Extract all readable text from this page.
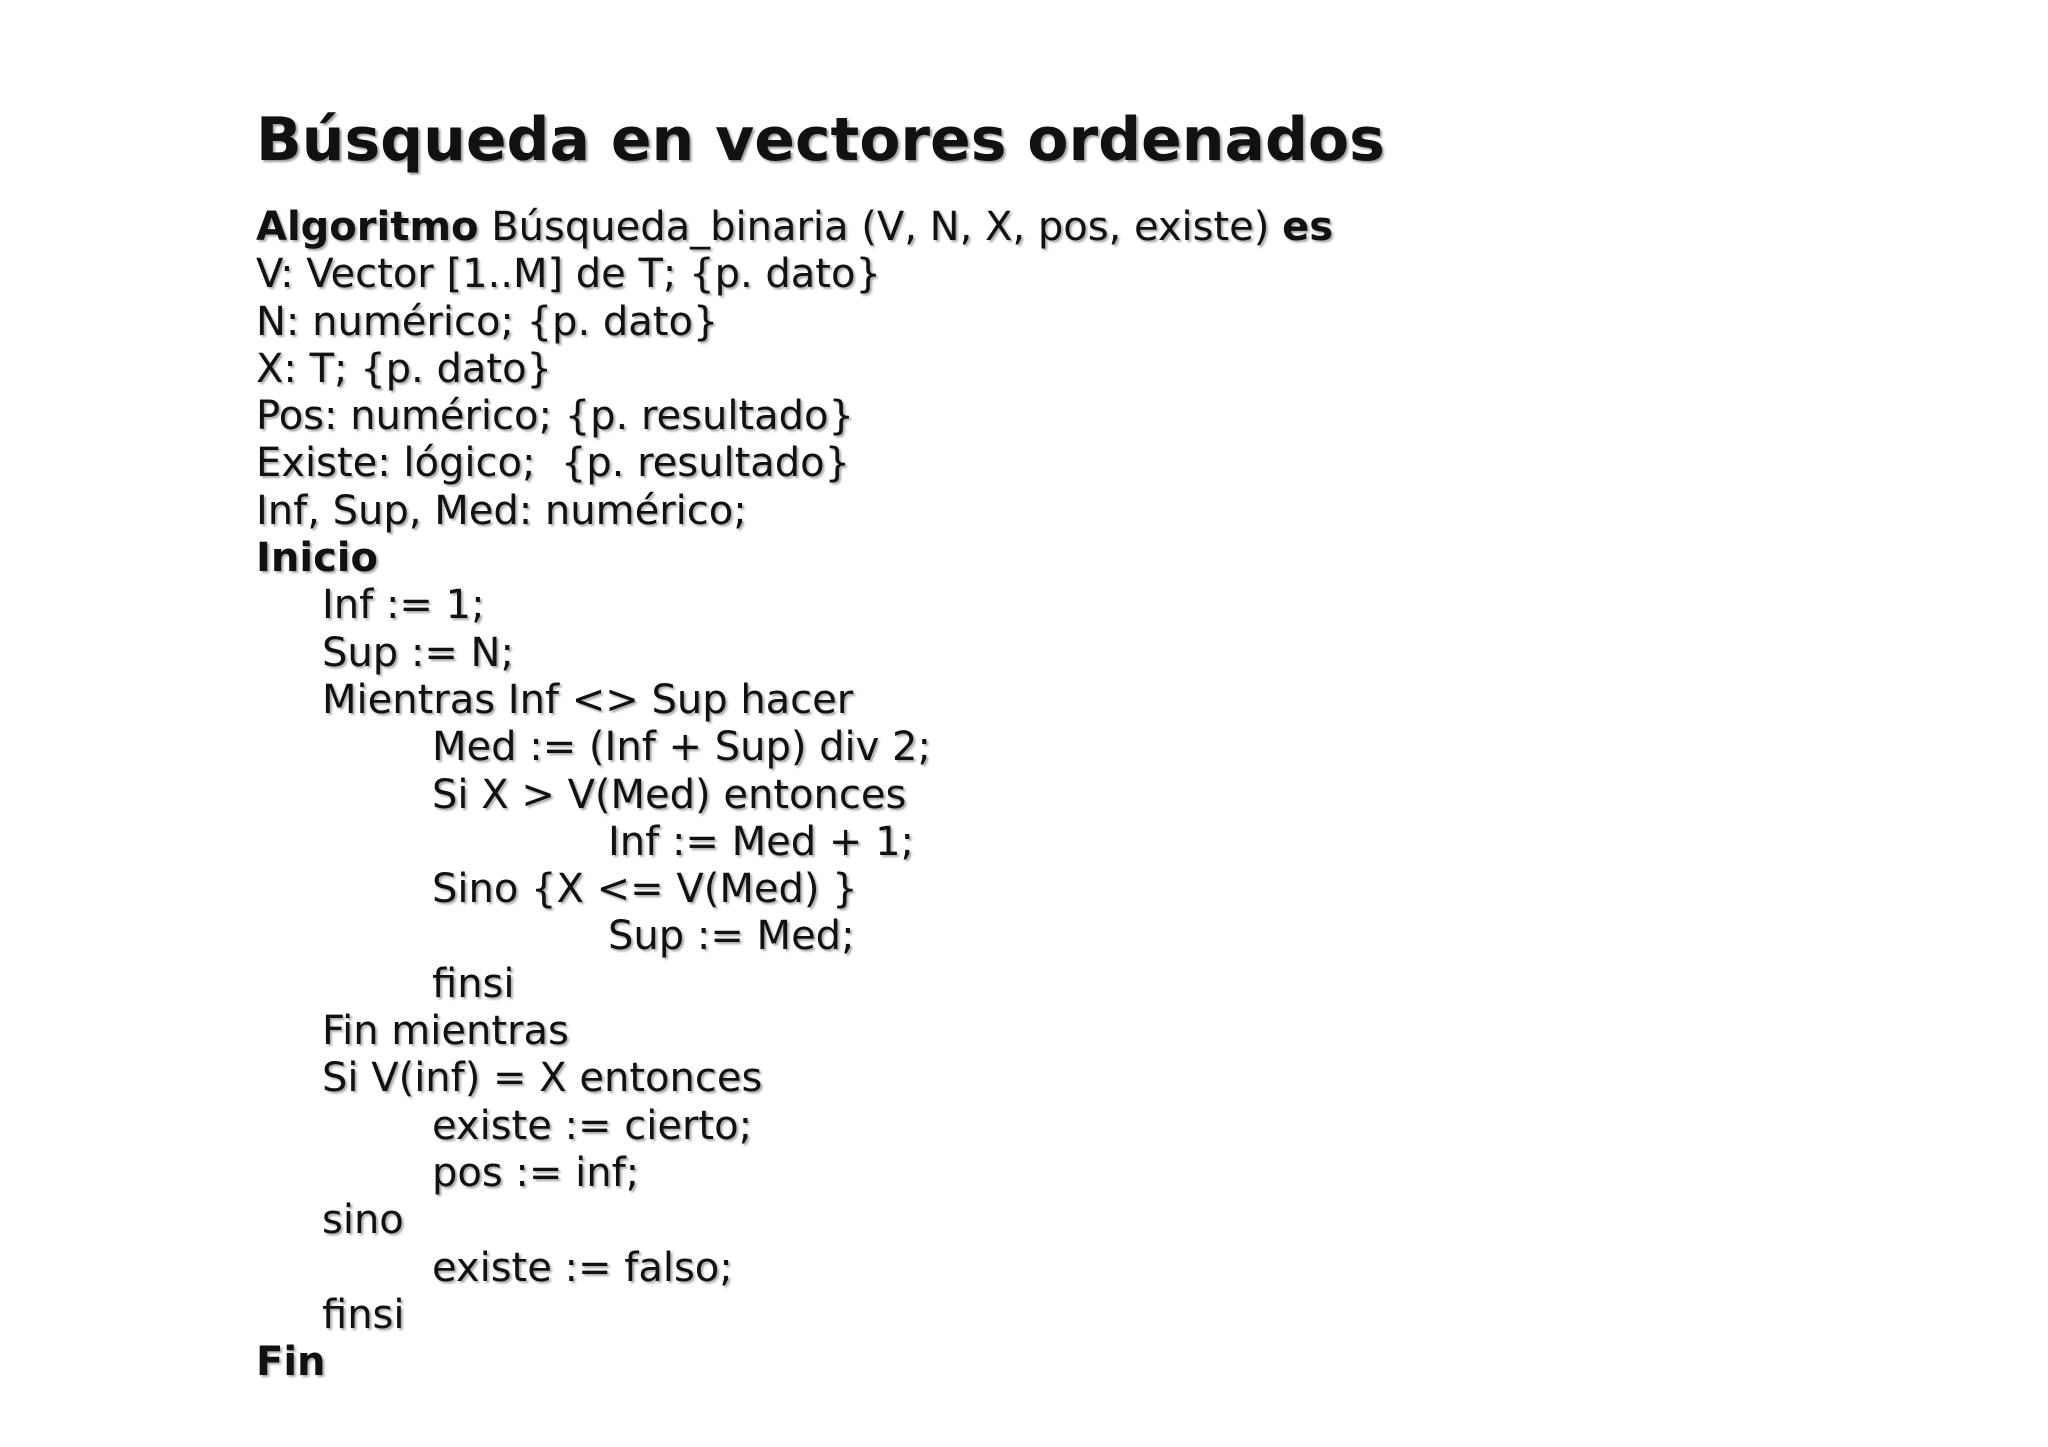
Búsqueda en vectores ordenados
Algoritmo Búsqueda_binaria (V, N, X, pos, existe) es
V: Vector [1..M] de T; {p. dato}
N: numérico; {p. dato}
X: T; {p. dato}
Pos: numérico; {p. resultado}
Existe: lógico;  {p. resultado}
Inf, Sup, Med: numérico;
Inicio
Inf := 1;
Sup := N;
Mientras Inf <> Sup hacer
Med := (Inf + Sup) div 2;
Si X > V(Med) entonces
Inf := Med + 1;
Sino {X <= V(Med) }
Sup := Med;
finsi
Fin mientras
Si V(inf) = X entonces
existe := cierto;
pos := inf;
sino
existe := falso;
finsi
Fin
